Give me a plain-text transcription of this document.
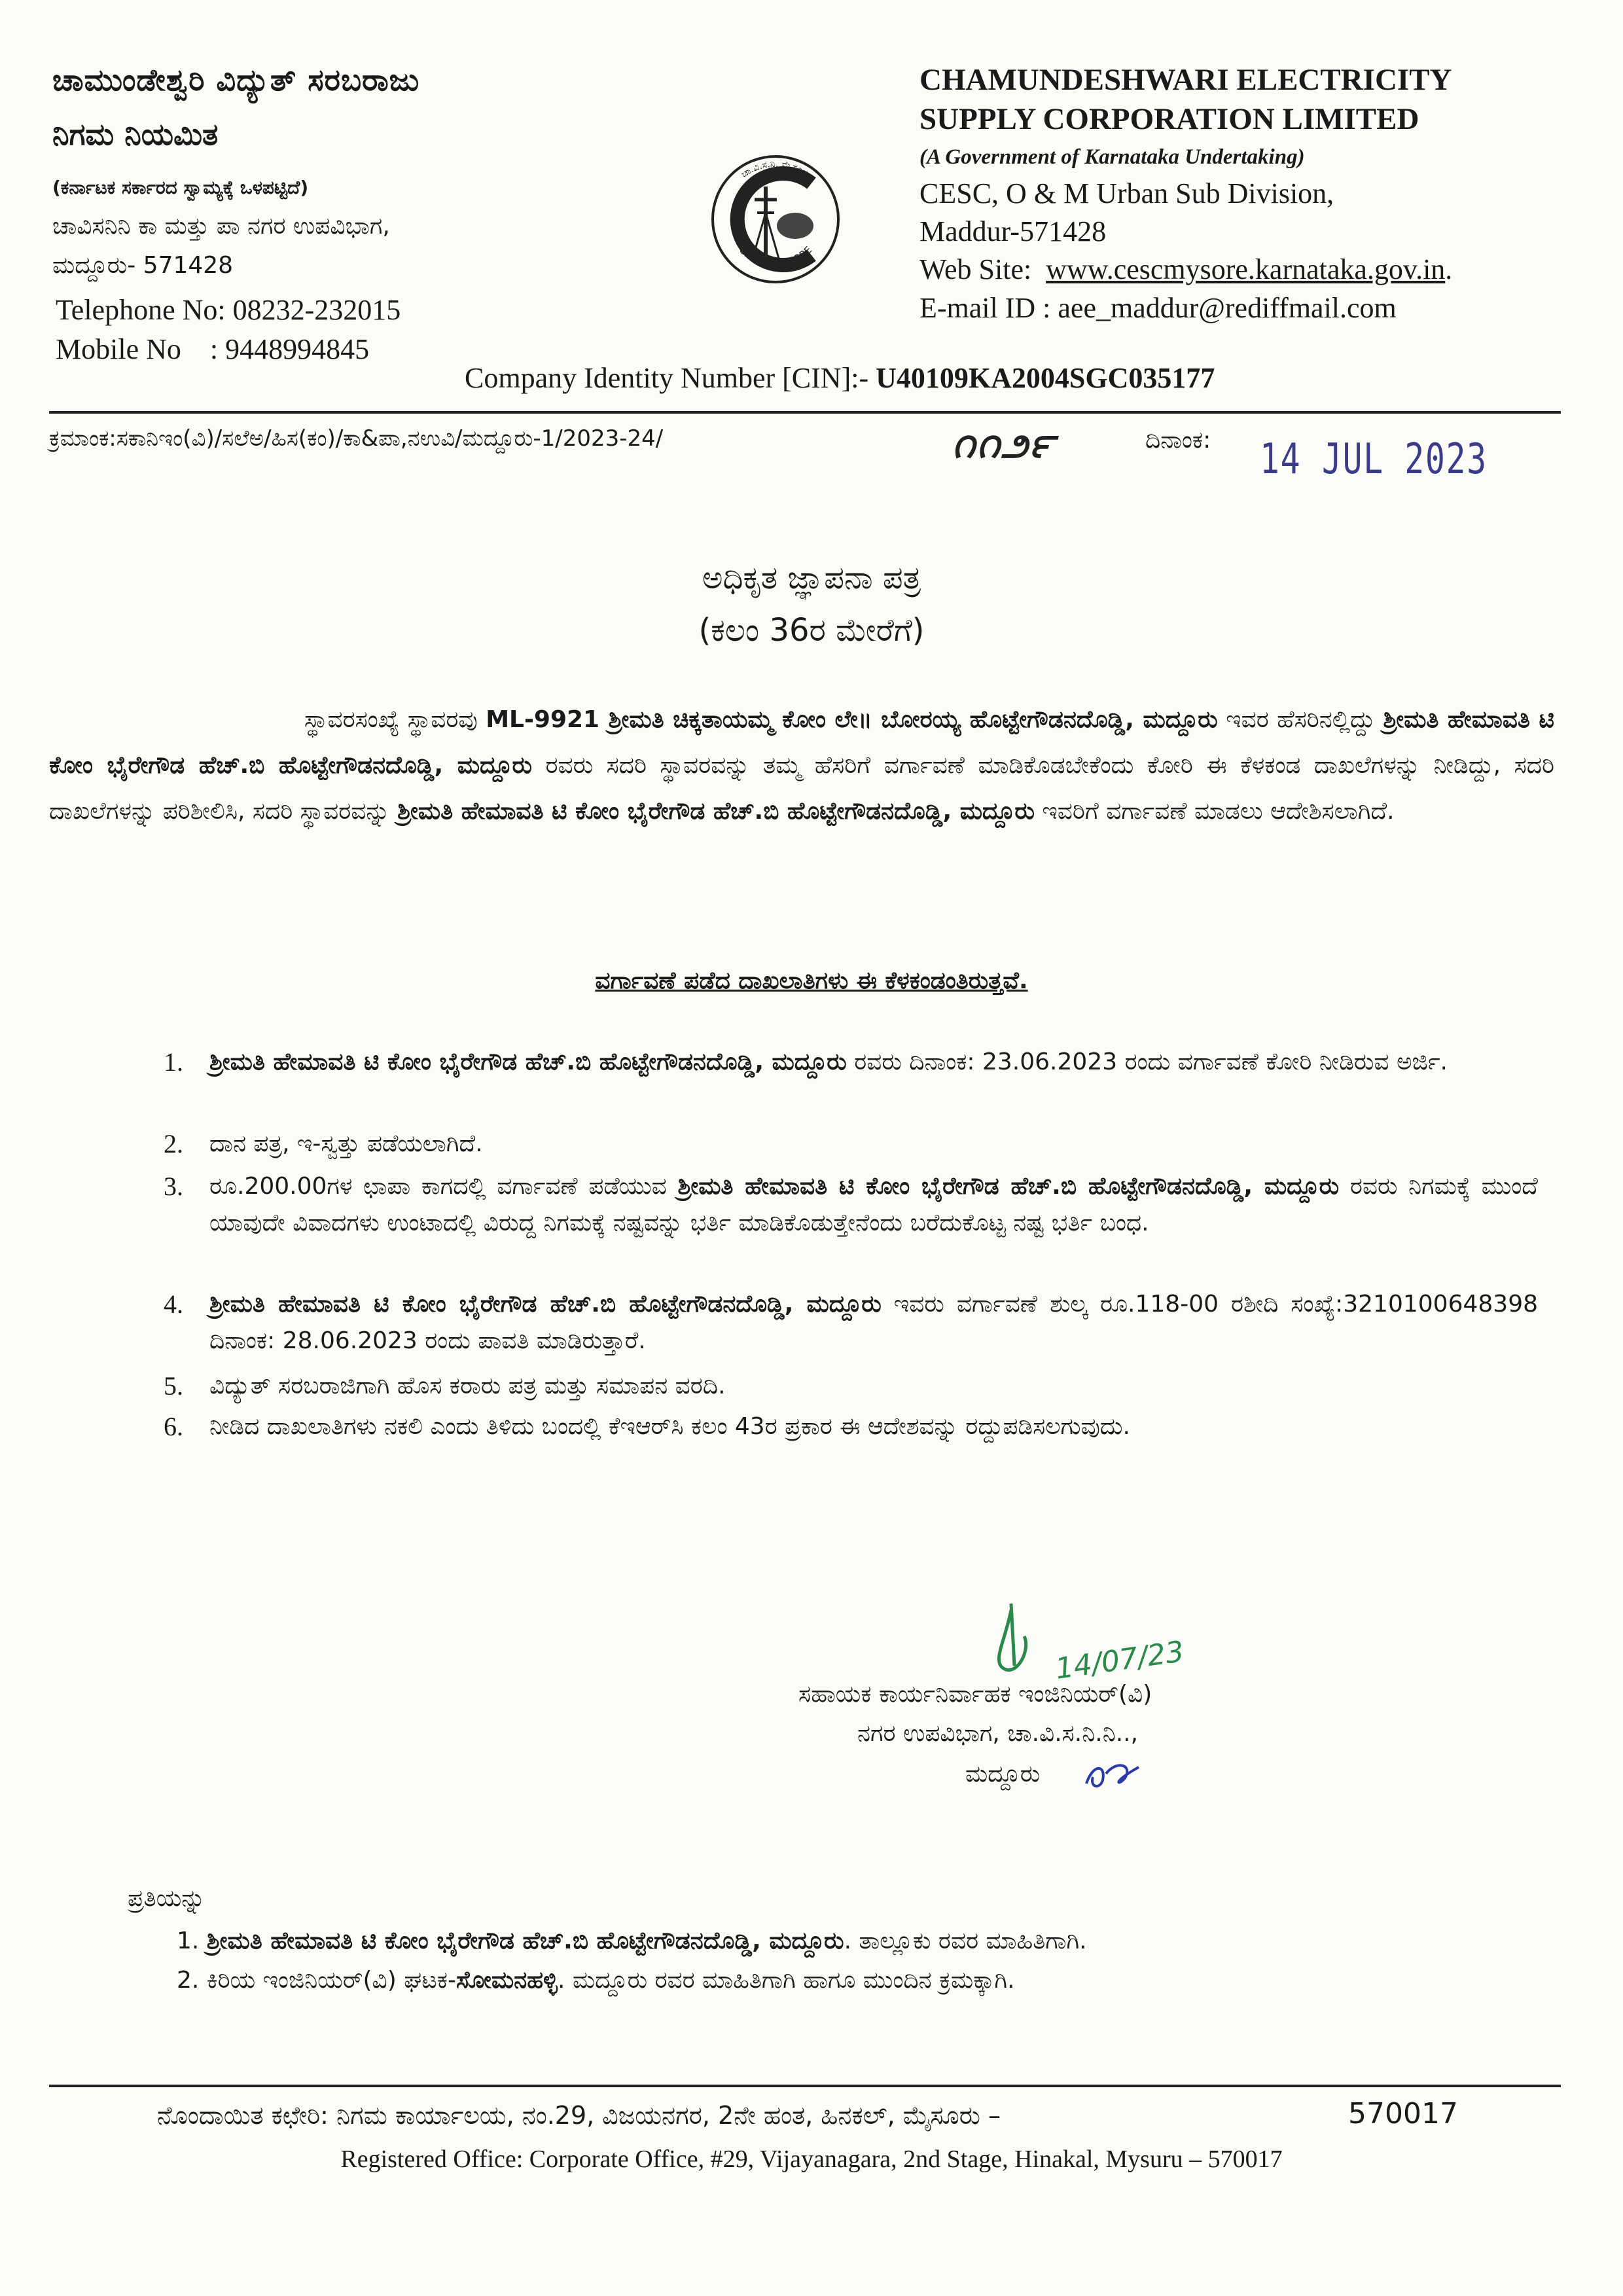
ಚಾಮುಂಡೇಶ್ವರಿ ವಿದ್ಯುತ್ ಸರಬರಾಜು
ನಿಗಮ ನಿಯಮಿತ
(ಕರ್ನಾಟಕ ಸರ್ಕಾರದ ಸ್ವಾಮ್ಯಕ್ಕೆ ಒಳಪಟ್ಟಿದೆ)
ಚಾವಿಸನಿನಿ ಕಾ ಮತ್ತು ಪಾ ನಗರ ಉಪವಿಭಾಗ,
ಮದ್ದೂರು- 571428
Telephone No: 08232-232015
Mobile No    : 9448994845
ಚಾ.ವಿ.ಸ.ನಿ. ಮೈಸೂರು
C.E.S.C. MYSORE
CHAMUNDESHWARI ELECTRICITY
SUPPLY CORPORATION LIMITED
(A Government of Karnataka Undertaking)
CESC, O & M Urban Sub Division,
Maddur-571428
Web Site:  www.cescmysore.karnataka.gov.in.
E-mail ID : aee_maddur@rediffmail.com
Company Identity Number [CIN]:- U40109KA2004SGC035177
ಕ್ರಮಾಂಕ:ಸಕಾನಿಇಂ(ವಿ)/ಸಲೆಅ/ಹಿಸ(ಕಂ)/ಕಾ&ಪಾ,ನಉವಿ/ಮದ್ದೂರು-1/2023-24/	౧౧౨౯	ದಿನಾಂಕ: 14 JUL 2023
ಅಧಿಕೃತ ಜ್ಞಾಪನಾ ಪತ್ರ
(ಕಲಂ 36ರ ಮೇರೆಗೆ)
ಸ್ಥಾವರಸಂಖ್ಯೆ ಸ್ಥಾವರವು ML-9921 ಶ್ರೀಮತಿ ಚಿಕ್ಕತಾಯಮ್ಮ ಕೋಂ ಲೇ॥ ಬೋರಯ್ಯ ಹೊಟ್ಟೇಗೌಡನದೊಡ್ಡಿ, ಮದ್ದೂರು ಇವರ ಹೆಸರಿನಲ್ಲಿದ್ದು ಶ್ರೀಮತಿ ಹೇಮಾವತಿ ಟಿ ಕೋಂ ಭೈರೇಗೌಡ ಹೆಚ್.ಬಿ ಹೊಟ್ಟೇಗೌಡನದೊಡ್ಡಿ, ಮದ್ದೂರು ರವರು ಸದರಿ ಸ್ಥಾವರವನ್ನು ತಮ್ಮ ಹೆಸರಿಗೆ ವರ್ಗಾವಣೆ ಮಾಡಿಕೊಡಬೇಕೆಂದು ಕೋರಿ ಈ ಕೆಳಕಂಡ ದಾಖಲೆಗಳನ್ನು ನೀಡಿದ್ದು, ಸದರಿ ದಾಖಲೆಗಳನ್ನು ಪರಿಶೀಲಿಸಿ, ಸದರಿ ಸ್ಥಾವರವನ್ನು ಶ್ರೀಮತಿ ಹೇಮಾವತಿ ಟಿ ಕೋಂ ಭೈರೇಗೌಡ ಹೆಚ್.ಬಿ ಹೊಟ್ಟೇಗೌಡನದೊಡ್ಡಿ, ಮದ್ದೂರು ಇವರಿಗೆ ವರ್ಗಾವಣೆ ಮಾಡಲು ಆದೇಶಿಸಲಾಗಿದೆ.
ವರ್ಗಾವಣೆ ಪಡೆದ ದಾಖಲಾತಿಗಳು ಈ ಕೆಳಕಂಡಂತಿರುತ್ತವೆ.
1. ಶ್ರೀಮತಿ ಹೇಮಾವತಿ ಟಿ ಕೋಂ ಭೈರೇಗೌಡ ಹೆಚ್.ಬಿ ಹೊಟ್ಟೇಗೌಡನದೊಡ್ಡಿ, ಮದ್ದೂರು ರವರು ದಿನಾಂಕ: 23.06.2023 ರಂದು ವರ್ಗಾವಣೆ ಕೋರಿ ನೀಡಿರುವ ಅರ್ಜಿ.
2. ದಾನ ಪತ್ರ, ಇ-ಸ್ವತ್ತು ಪಡೆಯಲಾಗಿದೆ.
3. ರೂ.200.00ಗಳ ಛಾಪಾ ಕಾಗದಲ್ಲಿ ವರ್ಗಾವಣೆ ಪಡೆಯುವ ಶ್ರೀಮತಿ ಹೇಮಾವತಿ ಟಿ ಕೋಂ ಭೈರೇಗೌಡ ಹೆಚ್.ಬಿ ಹೊಟ್ಟೇಗೌಡನದೊಡ್ಡಿ, ಮದ್ದೂರು ರವರು ನಿಗಮಕ್ಕೆ ಮುಂದೆ ಯಾವುದೇ ವಿವಾದಗಳು ಉಂಟಾದಲ್ಲಿ ವಿರುದ್ದ ನಿಗಮಕ್ಕೆ ನಷ್ಟವನ್ನು ಭರ್ತಿ ಮಾಡಿಕೊಡುತ್ತೇನೆಂದು ಬರೆದುಕೊಟ್ಟ ನಷ್ಟ ಭರ್ತಿ ಬಂಧ.
4. ಶ್ರೀಮತಿ ಹೇಮಾವತಿ ಟಿ ಕೋಂ ಭೈರೇಗೌಡ ಹೆಚ್.ಬಿ ಹೊಟ್ಟೇಗೌಡನದೊಡ್ಡಿ, ಮದ್ದೂರು ಇವರು ವರ್ಗಾವಣೆ ಶುಲ್ಕ ರೂ.118-00 ರಶೀದಿ ಸಂಖ್ಯೆ:3210100648398 ದಿನಾಂಕ: 28.06.2023 ರಂದು ಪಾವತಿ ಮಾಡಿರುತ್ತಾರೆ.
5. ವಿದ್ಯುತ್ ಸರಬರಾಜಿಗಾಗಿ ಹೊಸ ಕರಾರು ಪತ್ರ ಮತ್ತು ಸಮಾಪನ ವರದಿ.
6. ನೀಡಿದ ದಾಖಲಾತಿಗಳು ನಕಲಿ ಎಂದು ತಿಳಿದು ಬಂದಲ್ಲಿ ಕೆಇಆರ್‌ಸಿ ಕಲಂ 43ರ ಪ್ರಕಾರ ಈ ಆದೇಶವನ್ನು ರದ್ದುಪಡಿಸಲಗುವುದು.
14/07/23
ಸಹಾಯಕ ಕಾರ್ಯನಿರ್ವಾಹಕ ಇಂಜಿನಿಯರ್(ವಿ)
ನಗರ ಉಪವಿಭಾಗ, ಚಾ.ವಿ.ಸ.ನಿ.ನಿ..,
ಮದ್ದೂರು
ಪ್ರತಿಯನ್ನು
1. ಶ್ರೀಮತಿ ಹೇಮಾವತಿ ಟಿ ಕೋಂ ಭೈರೇಗೌಡ ಹೆಚ್.ಬಿ ಹೊಟ್ಟೇಗೌಡನದೊಡ್ಡಿ, ಮದ್ದೂರು. ತಾಲ್ಲೂಕು ರವರ ಮಾಹಿತಿಗಾಗಿ.
2. ಕಿರಿಯ ಇಂಜಿನಿಯರ್(ವಿ) ಘಟಕ-ಸೋಮನಹಳ್ಳಿ. ಮದ್ದೂರು ರವರ ಮಾಹಿತಿಗಾಗಿ ಹಾಗೂ ಮುಂದಿನ ಕ್ರಮಕ್ಕಾಗಿ.
ನೊಂದಾಯಿತ ಕಛೇರಿ: ನಿಗಮ ಕಾರ್ಯಾಲಯ, ನಂ.29, ವಿಜಯನಗರ, 2ನೇ ಹಂತ, ಹಿನಕಲ್, ಮೈಸೂರು –	570017
Registered Office: Corporate Office, #29, Vijayanagara, 2nd Stage, Hinakal, Mysuru – 570017
